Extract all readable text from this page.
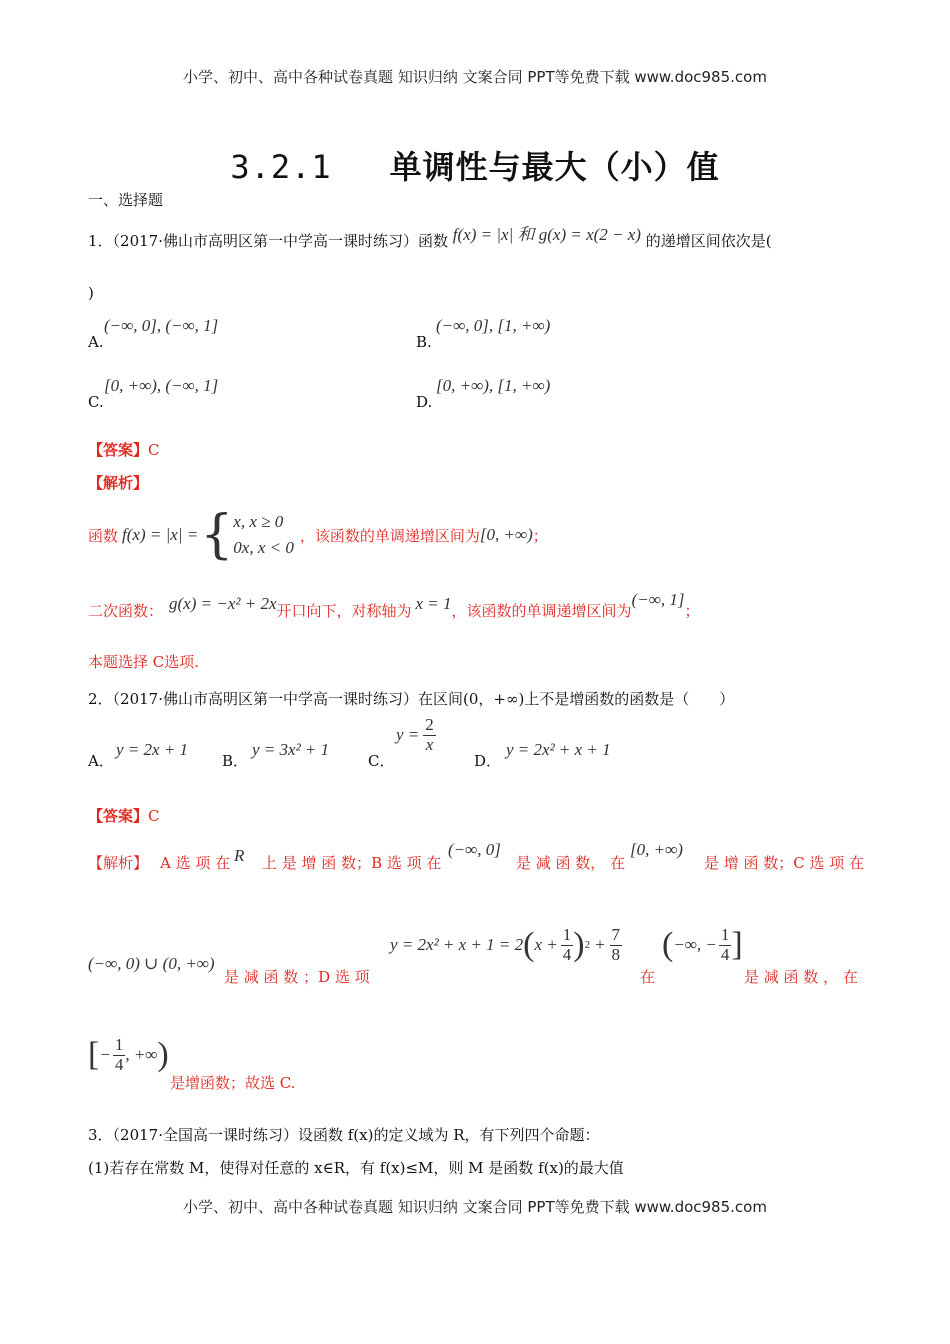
小学、初中、高中各种试卷真题 知识归纳 文案合同 PPT等免费下载 www.doc985.com
3.2.1 单调性与最大（小）值
一、选择题
1．（2017·佛山市高明区第一中学高一课时练习）函数 f(x) = |x| 和 g(x) = x(2 − x) 的递增区间依次是(
)
A.
(−∞, 0], (−∞, 1]
B.
(−∞, 0], [1, +∞)
C.
[0, +∞), (−∞, 1]
D.
[0, +∞), [1, +∞)
【答案】C
【解析】
函数 f(x) = |x| = { x, x ≥ 0
0x, x < 0
，该函数的单调递增区间为 [0, +∞) ；
二次函数： g(x) = −x² + 2x 开口向下，对称轴为 x = 1 ，该函数的单调递增区间为
(−∞, 1]
；
本题选择 C选项.
2．（2017·佛山市高明区第一中学高一课时练习）在区间(0，+∞)上不是增函数的函数是（　　）
A．
y = 2x + 1
B．
y = 3x² + 1
C．
$y = \frac{2}{x}$
D．
y = 2x² + x + 1
【答案】C
【解析】 A 选 项 在 R 上 是 增 函 数；B 选 项 在
(−∞, 0]
是 减 函 数， 在
[0, +∞)
是 增 函 数；C 选 项 在
(−∞, 0) ∪ (0, +∞)
是 减 函 数 ；D 选 项
y = 2x² + x + 1 = 2 ( $x + \frac{1}{4}$ ) $2 + \frac{7}{8}$
在
( −∞, − $\frac{1}{4}$ ]
是 减 函 数 ， 在
[ − $\frac{1}{4}$ , +∞ )
是增函数；故选 C.
3．（2017·全国高一课时练习）设函数 f(x)的定义域为 R，有下列四个命题：
(1)若存在常数 M，使得对任意的 x∈R，有 f(x)≤M，则 M 是函数 f(x)的最大值
小学、初中、高中各种试卷真题 知识归纳 文案合同 PPT等免费下载 www.doc985.com
